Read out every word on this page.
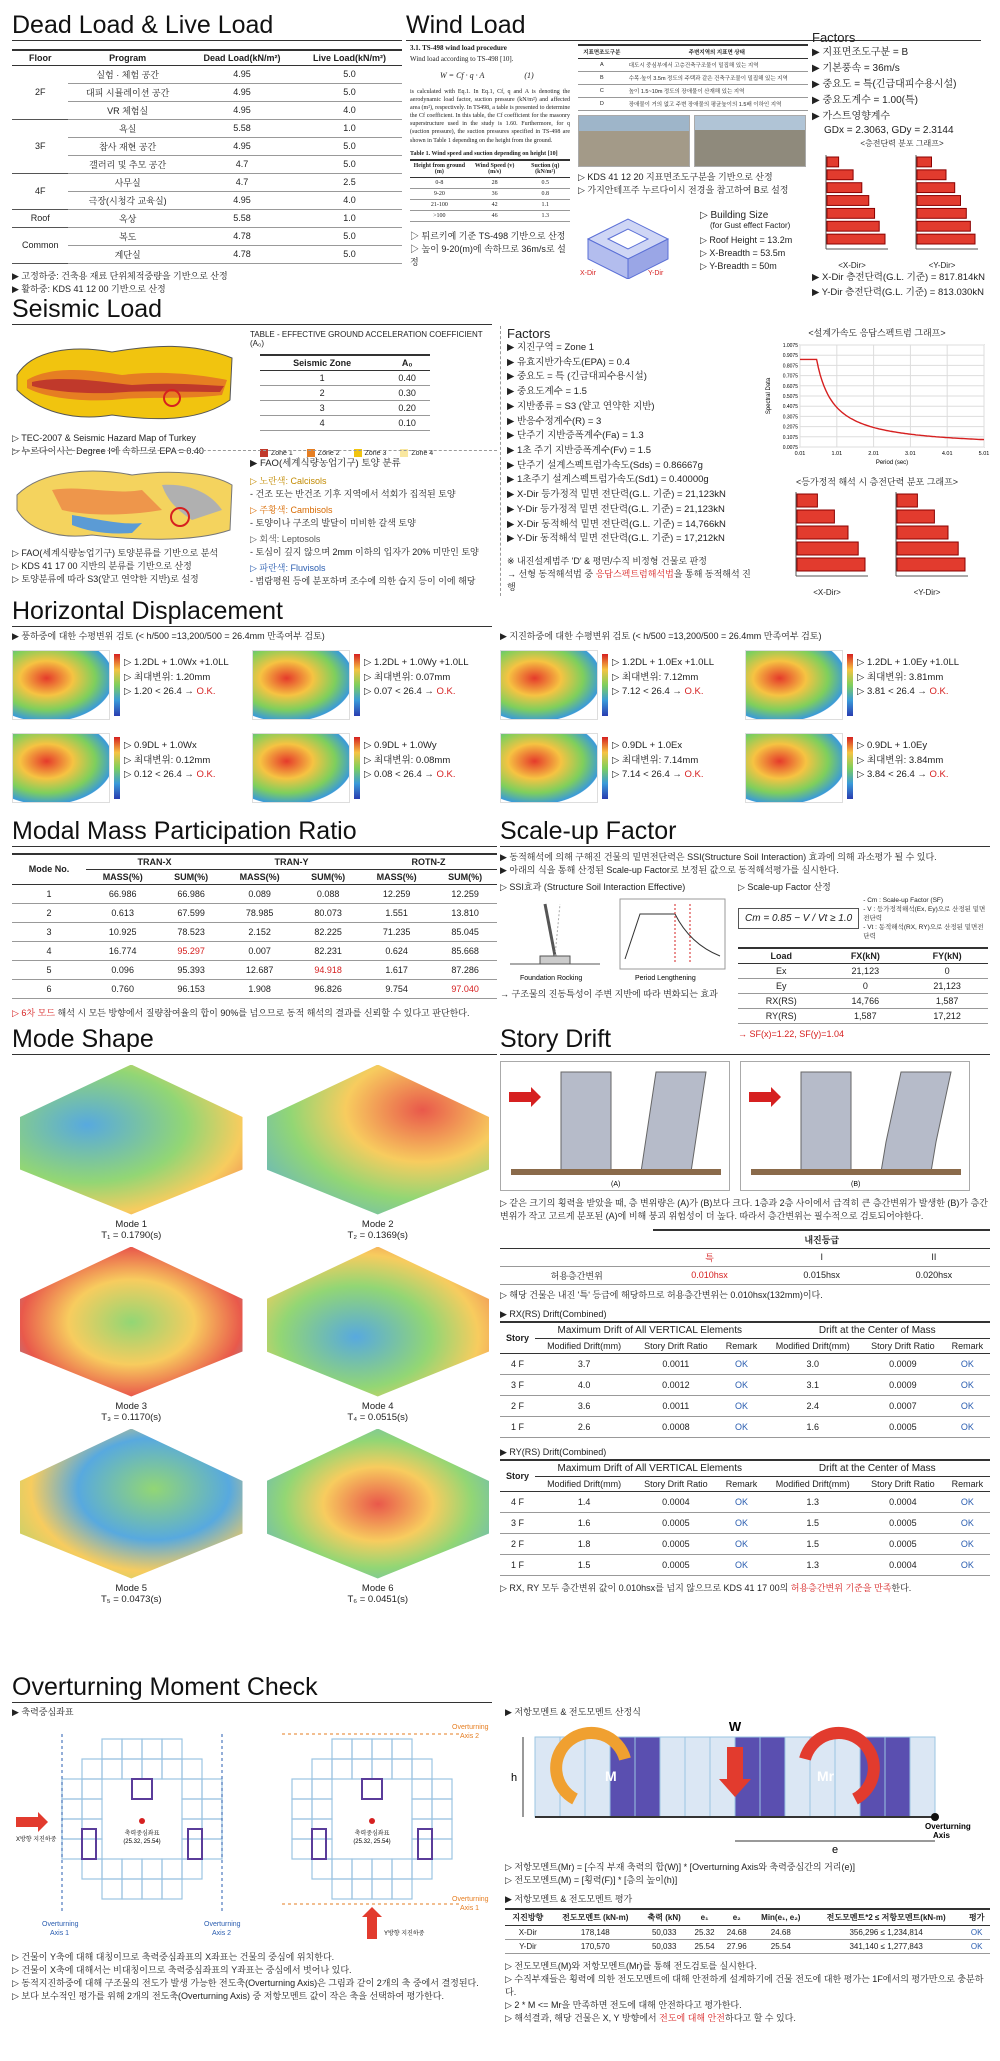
Dead Load & Live Load
Floor	Program	Dead Load(kN/m²)	Live Load(kN/m²)
2F	실험 · 체험 공간	4.95	5.0
	대피 시뮬레이션 공간	4.95	5.0
	VR 체험실	4.95	4.0
3F	욕실	5.58	1.0
	참사 재현 공간	4.95	5.0
	갤러리 및 추모 공간	4.7	5.0
4F	사무실	4.7	2.5
	극장(시청각 교육실)	4.95	4.0
Roof	옥상	5.58	1.0
Common	복도	4.78	5.0
	계단실	4.78	5.0
▶ 고정하중: 건축용 재료 단위체적중량을 기반으로 산정
▶ 활하중: KDS 41 12 00 기반으로 산정
Wind Load
3.1. TS-498 wind load procedure
Wind load according to TS-498 [10].
W = Cf · q · A	(1)
is calculated with Eq.1. In Eq.1, Cf, q and A is denoting the aerodynamic load factor, suction pressure (kN/m²) and affected area (m²), respectively. In TS498, a table is presented to determine the Cf coefficient. In this table, the Cf coefficient for the masonry superstructure used in the study is 1.60. Furthermore, for q (suction pressure), the suction pressures specified in TS-498 are shown in Table 1 depending on the height from the ground.
Table 1. Wind speed and suction depending on height [10]
Height from ground (m)	Wind Speed (v) (m/s)	Suction (q) (kN/m²)
0-8	28	0.5
9-20	36	0.8
21-100	42	1.1
>100	46	1.3
▷ 튀르키예 기준 TS-498 기반으로 산정
▷ 높이 9-20(m)에 속하므로 36m/s로 설정
지표면조도구분	주변지역의 지표면 상태
A	대도시 중심부에서 고층건축구조물이 밀집해 있는 지역
B	수목·높이 3.5m 정도의 주택과 같은 건축구조물이 밀집해 있는 지역
C	높이 1.5~10m 정도의 장애물이 산재해 있는 지역
D	장애물이 거의 없고 주변 장애물의 평균높이의 1.5배 이하인 지역
▷ KDS 41 12 20 지표면조도구분을 기반으로 산정
▷ 가지안테프주 누르다이시 전경을 참고하여 B로 설정
X-Dir	Y-Dir
▷ Building Size
(for Gust effect Factor)
▷ Roof Height = 13.2m
▷ X-Breadth = 53.5m
▷ Y-Breadth = 50m
Factors
▶ 지표면조도구분 = B
▶ 기본풍속 = 36m/s
▶ 중요도 = 특(긴급대피수용시설)
▶ 중요도계수 = 1.00(특)
▶ 가스트영향계수
GDx = 2.3063, GDy = 2.3144
<층전단력 분포 그래프>
<X-Dir>	<Y-Dir>
▶ X-Dir 층전단력(G.L. 기준) = 817.814kN
▶ Y-Dir 층전단력(G.L. 기준) = 813.030kN
Seismic Load
▷ TEC-2007 & Seismic Hazard Map of Turkey
▷ 누르다이시는 Degree Ⅰ에 속하므로 EPA = 0.40
TABLE - EFFECTIVE GROUND ACCELERATION COEFFICIENT (A₀)
Seismic Zone	A₀
1	0.40
2	0.30
3	0.20
4	0.10
Zone 1	Zone 2	Zone 3	Zone 4
▷ FAO(세계식량농업기구) 토양분류를 기반으로 분석
▷ KDS 41 17 00 지반의 분류를 기반으로 산정
▷ 토양분류에 따라 S3(얕고 연약한 지반)로 설정
▶ FAO(세계식량농업기구) 토양 분류
▷ 노란색: Calcisols
- 건조 또는 반건조 기후 지역에서 석회가 집적된 토양
▷ 주황색: Cambisols
- 토양이나 구조의 발달이 미비한 갈색 토양
▷ 회색: Leptosols
- 토심이 깊지 않으며 2mm 이하의 입자가 20% 미만인 토양
▷ 파란색: Fluvisols
- 범람평원 등에 분포하며 조수에 의한 습지 등이 이에 해당
Factors
▶ 지진구역 = Zone 1
▶ 유효지반가속도(EPA) = 0.4
▶ 중요도 = 특 (긴급대피수용시설)
▶ 중요도계수 = 1.5
▶ 지반종류 = S3 (얕고 연약한 지반)
▶ 반응수정계수(R) = 3
▶ 단주기 지반증폭계수(Fa) = 1.3
▶ 1초 주기 지반증폭계수(Fv) = 1.5
▶ 단주기 설계스펙트럼가속도(Sds) = 0.86667g
▶ 1초주기 설계스펙트럼가속도(Sd1) = 0.40000g
▶ X-Dir 등가정적 밑면 전단력(G.L. 기준) = 21,123kN
▶ Y-Dir 등가정적 밑면 전단력(G.L. 기준) = 21,123kN
▶ X-Dir 동적해석 밑면 전단력(G.L. 기준) = 14,766kN
▶ Y-Dir 동적해석 밑면 전단력(G.L. 기준) = 17,212kN
※ 내진설계범주 'D' & 평면/수직 비정형 건물로 판정
→ 선형 동적해석법 중 응답스펙트럼해석법을 통해 동적해석 진행
<설계가속도 응답스펙트럼 그래프>
1.0075
0.9075
0.8075
0.7075
0.6075
0.5075
0.4075
0.3075
0.2075
0.1075
0.0075
0.01	1.01	2.01	3.01	4.01	5.01
Period (sec)
Spectral Data
<등가정적 해석 시 층전단력 분포 그래프>
<X-Dir>	<Y-Dir>
Horizontal Displacement
▶ 풍하중에 대한 수평변위 검토 (< h/500 =13,200/500 = 26.4mm 만족여부 검토)	▶ 지진하중에 대한 수평변위 검토 (< h/500 =13,200/500 = 26.4mm 만족여부 검토)
▷ 1.2DL + 1.0Wx +1.0LL
▷ 최대변위: 1.20mm
▷ 1.20 < 26.4 → O.K.
▷ 1.2DL + 1.0Wy +1.0LL
▷ 최대변위: 0.07mm
▷ 0.07 < 26.4 → O.K.
▷ 1.2DL + 1.0Ex +1.0LL
▷ 최대변위: 7.12mm
▷ 7.12 < 26.4 → O.K.
▷ 1.2DL + 1.0Ey +1.0LL
▷ 최대변위: 3.81mm
▷ 3.81 < 26.4 → O.K.
▷ 0.9DL + 1.0Wx
▷ 최대변위: 0.12mm
▷ 0.12 < 26.4 → O.K.
▷ 0.9DL + 1.0Wy
▷ 최대변위: 0.08mm
▷ 0.08 < 26.4 → O.K.
▷ 0.9DL + 1.0Ex
▷ 최대변위: 7.14mm
▷ 7.14 < 26.4 → O.K.
▷ 0.9DL + 1.0Ey
▷ 최대변위: 3.84mm
▷ 3.84 < 26.4 → O.K.
Modal Mass Participation Ratio
Mode No.	TRAN-X		TRAN-Y		ROTN-Z	
	MASS(%)	SUM(%)	MASS(%)	SUM(%)	MASS(%)	SUM(%)
1	66.986	66.986	0.089	0.088	12.259	12.259
2	0.613	67.599	78.985	80.073	1.551	13.810
3	10.925	78.523	2.152	82.225	71.235	85.045
4	16.774	95.297	0.007	82.231	0.624	85.668
5	0.096	95.393	12.687	94.918	1.617	87.286
6	0.760	96.153	1.908	96.826	9.754	97.040
▷ 6차 모드 해석 시 모든 방향에서 질량참여율의 합이 90%를 넘으므로 동적 해석의 결과를 신뢰할 수 있다고 판단한다.
Scale-up Factor
▶ 동적해석에 의해 구해진 건물의 밑면전단력은 SSI(Structure Soil Interaction) 효과에 의해 과소평가 될 수 있다.
▶ 아래의 식을 통해 산정된 Scale-up Factor로 보정된 값으로 동적해석평가를 실시한다.
▷ SSI효과 (Structure Soil Interaction Effective)
Foundation Rocking	Period Lengthening
→ 구조물의 진동특성이 주변 지반에 따라 변화되는 효과
▷ Scale-up Factor 산정
Cm = 0.85 − V / Vt ≥ 1.0
- Cm : Scale-up Factor (SF)
- V : 등가정적해석(Ex, Ey)으로 산정된 밑면전단력
- Vt : 동적해석(RX, RY)으로 산정된 밑면전단력
Load	FX(kN)	FY(kN)
Ex	21,123	0
Ey	0	21,123
RX(RS)	14,766	1,587
RY(RS)	1,587	17,212
→ SF(x)=1.22, SF(y)=1.04
Mode Shape
Mode 1
T₁ = 0.1790(s)
Mode 2
T₂ = 0.1369(s)
Mode 3
T₃ = 0.1170(s)
Mode 4
T₄ = 0.0515(s)
Mode 5
T₅ = 0.0473(s)
Mode 6
T₆ = 0.0451(s)
Story Drift
(A)	(B)
▷ 같은 크기의 횡력을 받았을 때, 층 변위량은 (A)가 (B)보다 크다. 1층과 2층 사이에서 급격히 큰 층간변위가 발생한 (B)가 층간변위가 작고 고르게 분포된 (A)에 비해 붕괴 위험성이 더 높다. 따라서 층간변위는 필수적으로 검토되어야한다.
	내진등급		
	특	I	II
허용층간변위	0.010hsx	0.015hsx	0.020hsx
▷ 해당 건물은 내진 '특' 등급에 해당하므로 허용층간변위는 0.010hsx(132mm)이다.
▶ RX(RS) Drift(Combined)
Story	Maximum Drift of All VERTICAL Elements			Drift at the Center of Mass		
	Modified Drift(mm)	Story Drift Ratio	Remark	Modified Drift(mm)	Story Drift Ratio	Remark
4 F	3.7	0.0011	OK	3.0	0.0009	OK
3 F	4.0	0.0012	OK	3.1	0.0009	OK
2 F	3.6	0.0011	OK	2.4	0.0007	OK
1 F	2.6	0.0008	OK	1.6	0.0005	OK
▶ RY(RS) Drift(Combined)
Story	Maximum Drift of All VERTICAL Elements			Drift at the Center of Mass		
	Modified Drift(mm)	Story Drift Ratio	Remark	Modified Drift(mm)	Story Drift Ratio	Remark
4 F	1.4	0.0004	OK	1.3	0.0004	OK
3 F	1.6	0.0005	OK	1.5	0.0005	OK
2 F	1.8	0.0005	OK	1.5	0.0005	OK
1 F	1.5	0.0005	OK	1.3	0.0004	OK
▷ RX, RY 모두 층간변위 값이 0.010hsx를 넘지 않으므로 KDS 41 17 00의 허용층간변위 기준을 만족한다.
Overturning Moment Check
▶ 축력중심좌표
축력중심좌표
(25.32, 25.54)
축력중심좌표
(25.32, 25.54)
X방향 지진하중
Y방향 지진하중
Overturning
Axis 1
Overturning
Axis 2
Overturning
Axis 2
Overturning
Axis 1
▷ 건물이 Y축에 대해 대칭이므로 축력중심좌표의 X좌표는 건물의 중심에 위치한다.
▷ 건물이 X축에 대해서는 비대칭이므로 축력중심좌표의 Y좌표는 중심에서 벗어나 있다.
▷ 동적지진하중에 대해 구조물의 전도가 발생 가능한 전도축(Overturning Axis)은 그림과 같이 2개의 축 중에서 결정된다.
▷ 보다 보수적인 평가를 위해 2개의 전도축(Overturning Axis) 중 저항모멘트 값이 작은 축을 선택하여 평가한다.
▶ 저항모멘트 & 전도모멘트 산정식
W
M	Mr
h
e
Overturning
Axis
▷ 저항모멘트(Mr) = [수직 부재 축력의 합(W)] * [Overturning Axis와 축력중심간의 거리(e)]
▷ 전도모멘트(M) = [횡력(F)] * [층의 높이(h)]
▶ 저항모멘트 & 전도모멘트 평가
지진방향	전도모멘트 (kN-m)	축력 (kN)	e₁	e₂	Min(e₁, e₂)	전도모멘트*2 ≤ 저항모멘트(kN-m)	평가
X-Dir	178,148	50,033	25.32	24.68	24.68	356,296 ≤ 1,234,814	OK
Y-Dir	170,570	50,033	25.54	27.96	25.54	341,140 ≤ 1,277,843	OK
▷ 전도모멘트(M)와 저항모멘트(Mr)를 통해 전도검토를 실시한다.
▷ 수직부재들은 횡력에 의한 전도모멘트에 대해 안전하게 설계하기에 건물 전도에 대한 평가는 1F에서의 평가만으로 충분하다.
▷ 2 * M <= Mr을 만족하면 전도에 대해 안전하다고 평가한다.
▷ 해석결과, 해당 건물은 X, Y 방향에서 전도에 대해 안전하다고 할 수 있다.
